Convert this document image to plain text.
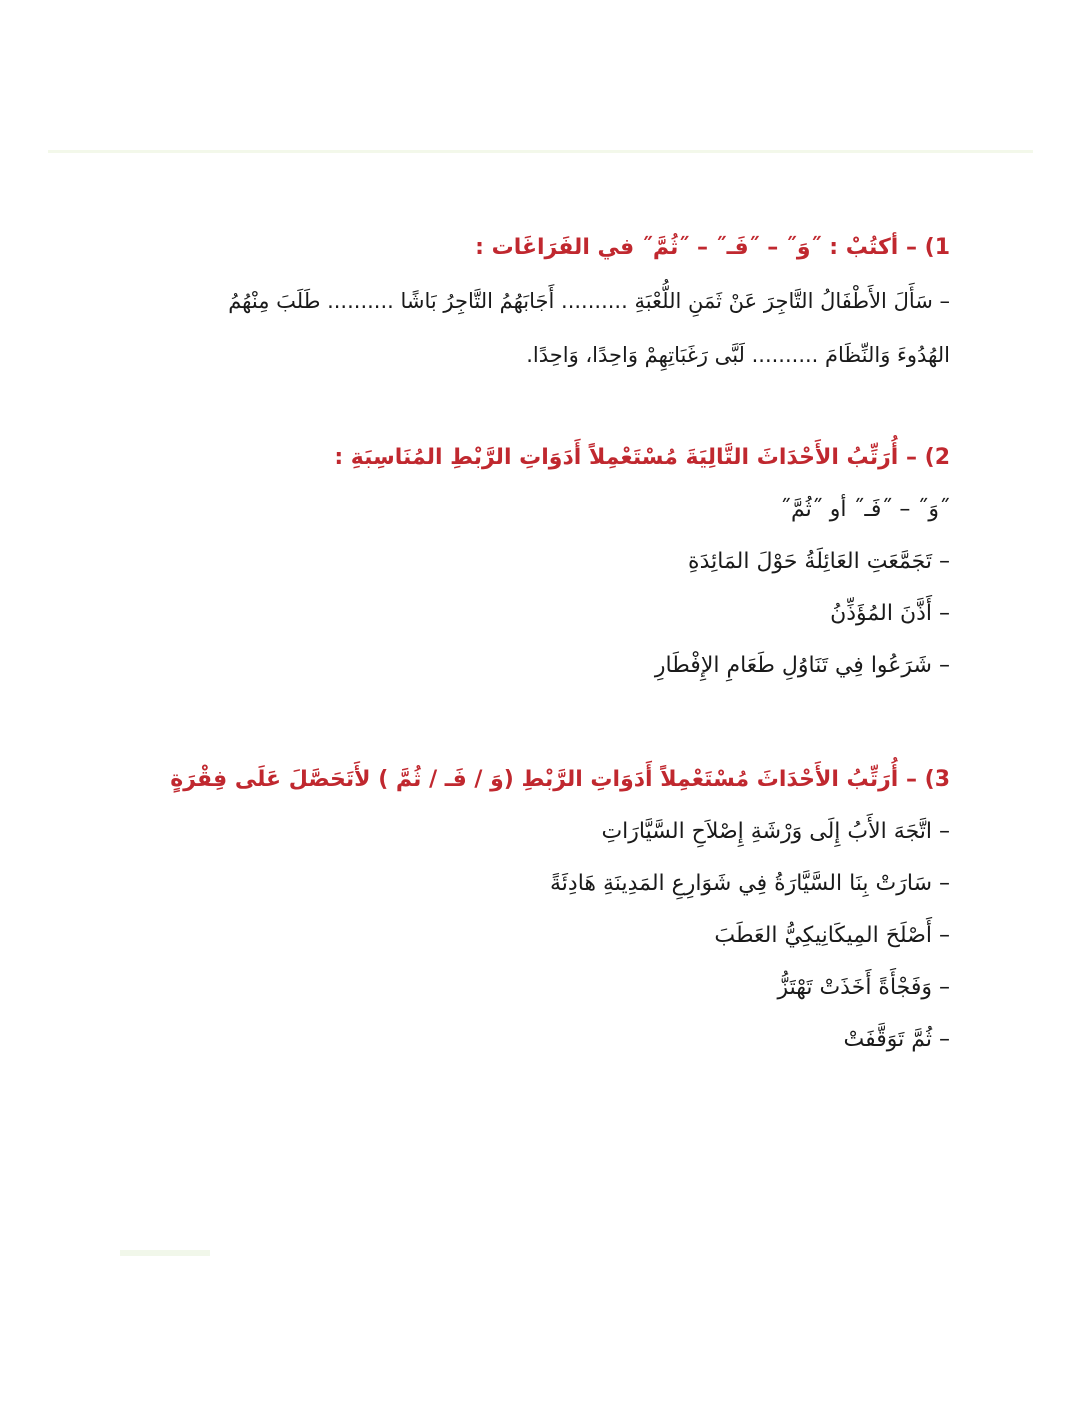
1) – أكتُبْ : ˝وَ˝ – ˝فَـ˝ – ˝ثُمَّ˝ في الفَرَاغَات :
– سَأَلَ الأَطْفَالُ التَّاجِرَ عَنْ ثَمَنِ اللُّعْبَةِ .......... أَجَابَهُمُ التَّاجِرُ بَاشًا .......... طَلَبَ مِنْهُمُ
الهُدُوءَ وَالنِّظَامَ .......... لَبَّى رَغَبَاتِهِمْ وَاحِدًا، وَاحِدًا.
2) – أُرَتِّبُ الأَحْدَاثَ التَّالِيَةَ مُسْتَعْمِلاً أَدَوَاتِ الرَّبْطِ المُنَاسِبَةِ :
˝وَ˝ – ˝فَـ˝ أو ˝ثُمَّ˝
– تَجَمَّعَتِ العَائِلَةُ حَوْلَ المَائِدَةِ
– أَذَّنَ المُؤَذِّنُ
– شَرَعُوا فِي تَنَاوُلِ طَعَامِ الإِفْطَارِ
3) – أُرَتِّبُ الأَحْدَاثَ مُسْتَعْمِلاً أَدَوَاتِ الرَّبْطِ (وَ / فَـ / ثُمَّ ) لأَتَحَصَّلَ عَلَى فِقْرَةٍ
– اتَّجَهَ الأَبُ إِلَى وَرْشَةِ إِصْلاَحِ السَّيَّارَاتِ
– سَارَتْ بِنَا السَّيَّارَةُ فِي شَوَارِعِ المَدِينَةِ هَادِئَةً
– أَصْلَحَ المِيكَانِيكِيُّ العَطَبَ
– وَفَجْأَةً أَخَذَتْ تَهْتَزُّ
– ثُمَّ تَوَقَّفَتْ
